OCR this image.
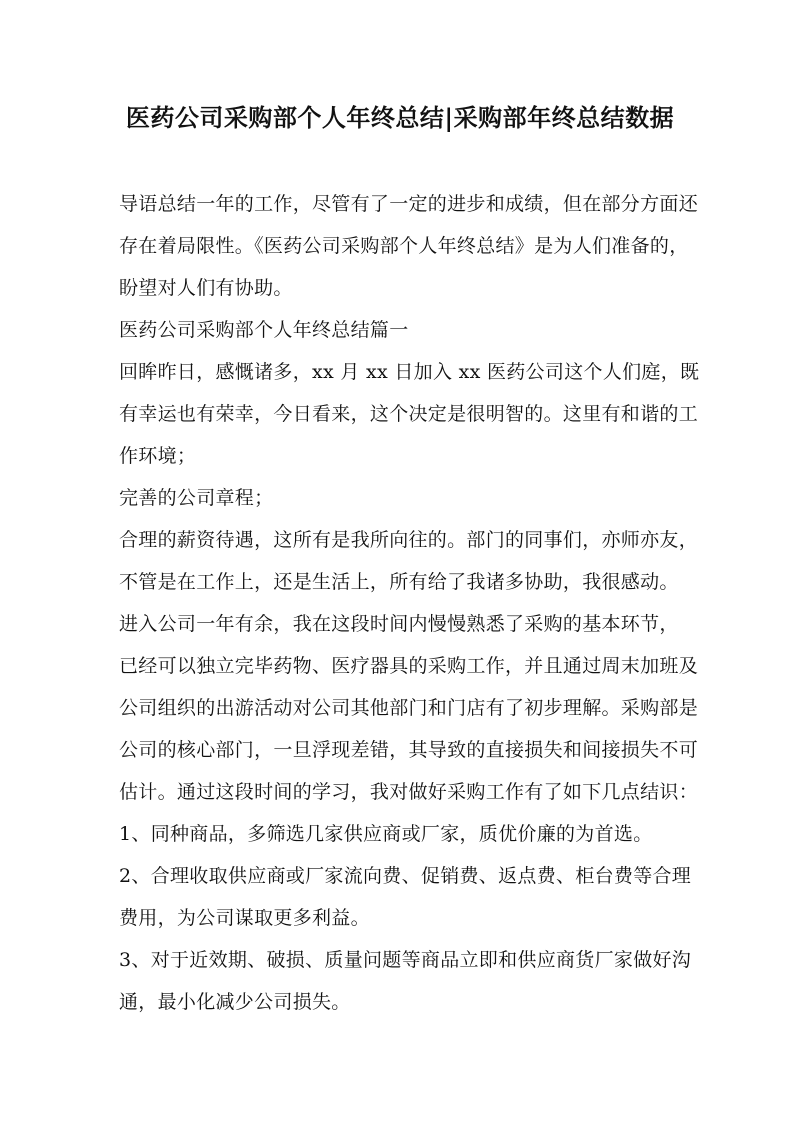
医药公司采购部个人年终总结|采购部年终总结数据
导语总结一年的工作，尽管有了一定的进步和成绩，但在部分方面还
存在着局限性。《医药公司采购部个人年终总结》是为人们准备的，
盼望对人们有协助。
医药公司采购部个人年终总结篇一
回眸昨日，感慨诸多，xx 月 xx 日加入 xx 医药公司这个人们庭，既
有幸运也有荣幸，今日看来，这个决定是很明智的。这里有和谐的工
作环境；
完善的公司章程；
合理的薪资待遇，这所有是我所向往的。部门的同事们，亦师亦友，
不管是在工作上，还是生活上，所有给了我诸多协助，我很感动。
进入公司一年有余，我在这段时间内慢慢熟悉了采购的基本环节，
已经可以独立完毕药物、医疗器具的采购工作，并且通过周末加班及
公司组织的出游活动对公司其他部门和门店有了初步理解。采购部是
公司的核心部门，一旦浮现差错，其导致的直接损失和间接损失不可
估计。通过这段时间的学习，我对做好采购工作有了如下几点结识：
1、同种商品，多筛选几家供应商或厂家，质优价廉的为首选。
2、合理收取供应商或厂家流向费、促销费、返点费、柜台费等合理
费用，为公司谋取更多利益。
3、对于近效期、破损、质量问题等商品立即和供应商货厂家做好沟
通，最小化减少公司损失。
